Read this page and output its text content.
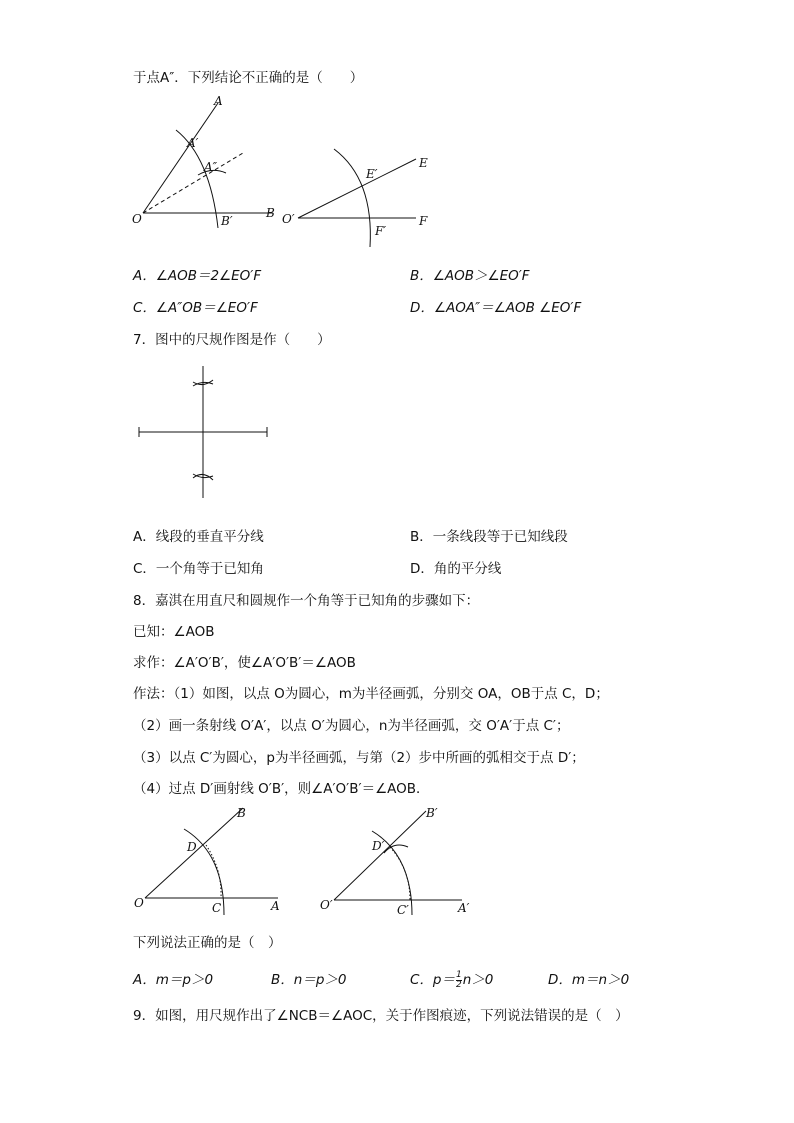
于点A″．下列结论不正确的是（　　）
A
A′
A″
O	B′
B
E
E′
O′
F′
F
A．∠AOB＝2∠EO′F	B．∠AOB＞∠EO′F
C．∠A″OB＝∠EO′F	D．∠AOA″＝∠AOB ∠EO′F
7．图中的尺规作图是作（　　）
A．线段的垂直平分线	B．一条线段等于已知线段
C．一个角等于已知角	D．角的平分线
8．嘉淇在用直尺和圆规作一个角等于已知角的步骤如下：
已知：∠AOB
求作：∠A′O′B′，使∠A′O′B′＝∠AOB
作法：（1）如图，以点 O为圆心，m为半径画弧，分别交 OA，OB于点 C，D；
（2）画一条射线 O′A′，以点 O′为圆心，n为半径画弧，交 O′A′于点 C′；
（3）以点 C′为圆心，p为半径画弧，与第（2）步中所画的弧相交于点 D′；
（4）过点 D′画射线 O′B′，则∠A′O′B′＝∠AOB．
B
D
O	C	A
B′
D′
O′	C′	A′
下列说法正确的是（　）
A．m＝p＞0	B．n＝p＞0	C．$p= \frac{1}{2} n>0$	D．m＝n＞0
9．如图，用尺规作出了∠NCB＝∠AOC，关于作图痕迹，下列说法错误的是（　）
